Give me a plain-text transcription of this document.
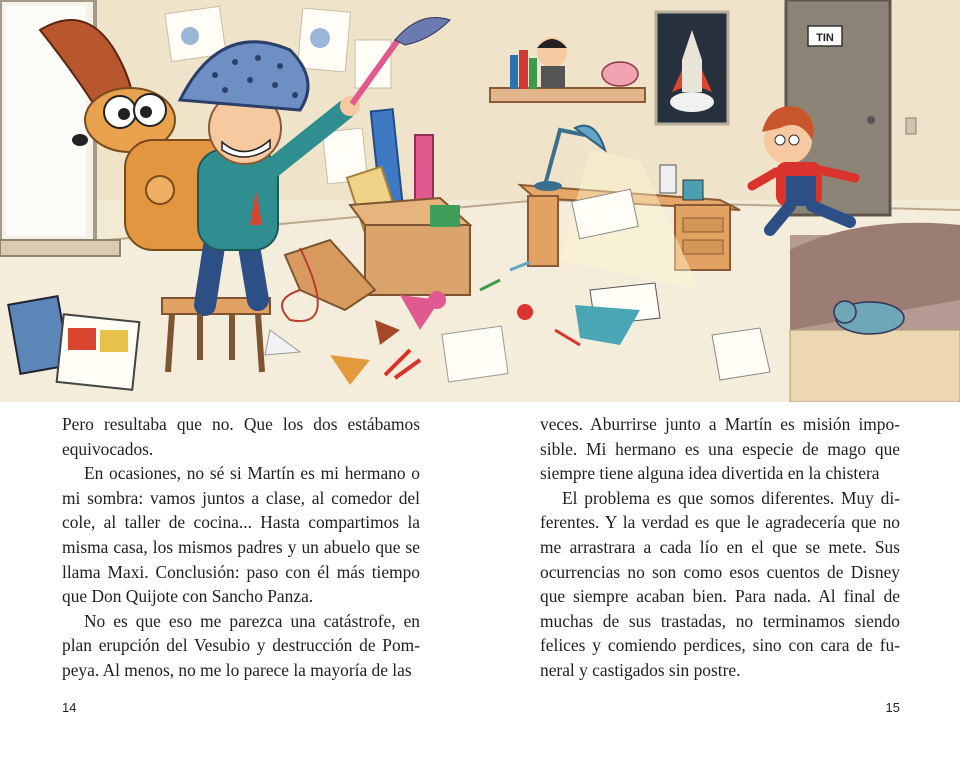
TIN

Pero resultaba que no. Que los dos estábamos equivocados.

En ocasiones, no sé si Martín es mi hermano o mi sombra: vamos juntos a clase, al comedor del cole, al taller de cocina... Hasta compartimos la misma casa, los mismos padres y un abuelo que se llama Maxi. Conclusión: paso con él más tiempo que Don Quijote con Sancho Panza.

No es que eso me parezca una catástrofe, en plan erupción del Vesubio y destrucción de Pompeya. Al menos, no me lo parece la mayoría de las

veces. Aburrirse junto a Martín es misión imposible. Mi hermano es una especie de mago que siempre tiene alguna idea divertida en la chistera

El problema es que somos diferentes. Muy diferentes. Y la verdad es que le agradecería que no me arrastrara a cada lío en el que se mete. Sus ocurrencias no son como esos cuentos de Disney que siempre acaban bien. Para nada. Al final de muchas de sus trastadas, no terminamos siendo felices y comiendo perdices, sino con cara de funeral y castigados sin postre.

14	15
